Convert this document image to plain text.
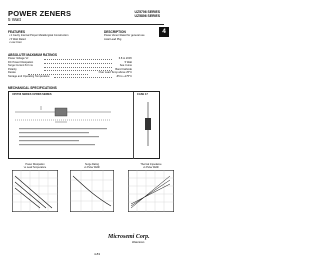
POWER ZENERS
5 Watt
UZ5706 SERIES
UZ5806 SERIES
4
FEATURES
• 2 Cavity Internal Proper Metallurgical Construction
• 5 Watt Rated
• Low Cost
DESCRIPTION
Power Zener Rated for general use
Axial Lead Pkg
ABSOLUTE MAXIMUM RATINGS
Power Voltage Vz	6.8 to 200V
DC Power Dissipation	5 Watt
Surge Current 8.3 ms	See Curve
Polarity	Band Cathode
Derate	Over Lead Temp above 25°C
Storage and Operating Temperature	-65 to +175°C
MECHANICAL SPECIFICATIONS
UZ5706 SERIES UZ5806 SERIES	CASE 17
Power Dissipation
vs Lead Temperature
Surge Rating
vs Pulse Width
Thermal Impedance
vs Pulse Width
Microsemi Corp.
Watertown
4-83
